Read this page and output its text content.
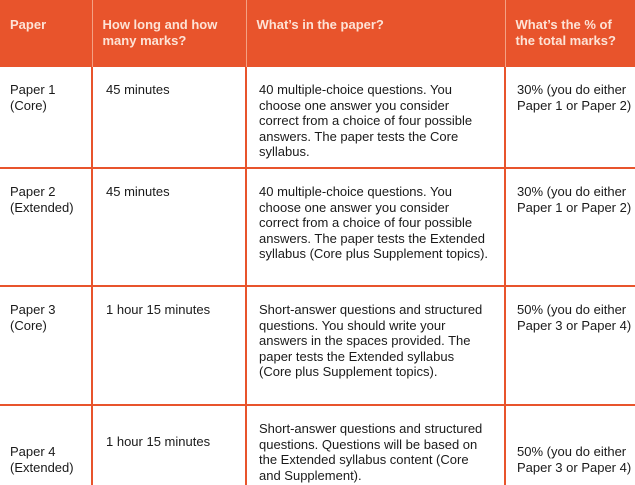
Paper	How long and how
many marks?	What’s in the paper?	What’s the % of
the total marks?

Paper 1
(Core)	45 minutes	40 multiple-choice questions. You
choose one answer you consider
correct from a choice of four possible
answers. The paper tests the Core
syllabus.	30% (you do either
Paper 1 or Paper 2)

Paper 2
(Extended)	45 minutes	40 multiple-choice questions. You
choose one answer you consider
correct from a choice of four possible
answers. The paper tests the Extended
syllabus (Core plus Supplement topics).	30% (you do either
Paper 1 or Paper 2)

Paper 3
(Core)	1 hour 15 minutes	Short-answer questions and structured
questions. You should write your
answers in the spaces provided. The
paper tests the Extended syllabus
(Core plus Supplement topics).	50% (you do either
Paper 3 or Paper 4)

Paper 4
(Extended)	1 hour 15 minutes	Short-answer questions and structured
questions. Questions will be based on
the Extended syllabus content (Core
and Supplement).	50% (you do either
Paper 3 or Paper 4)
